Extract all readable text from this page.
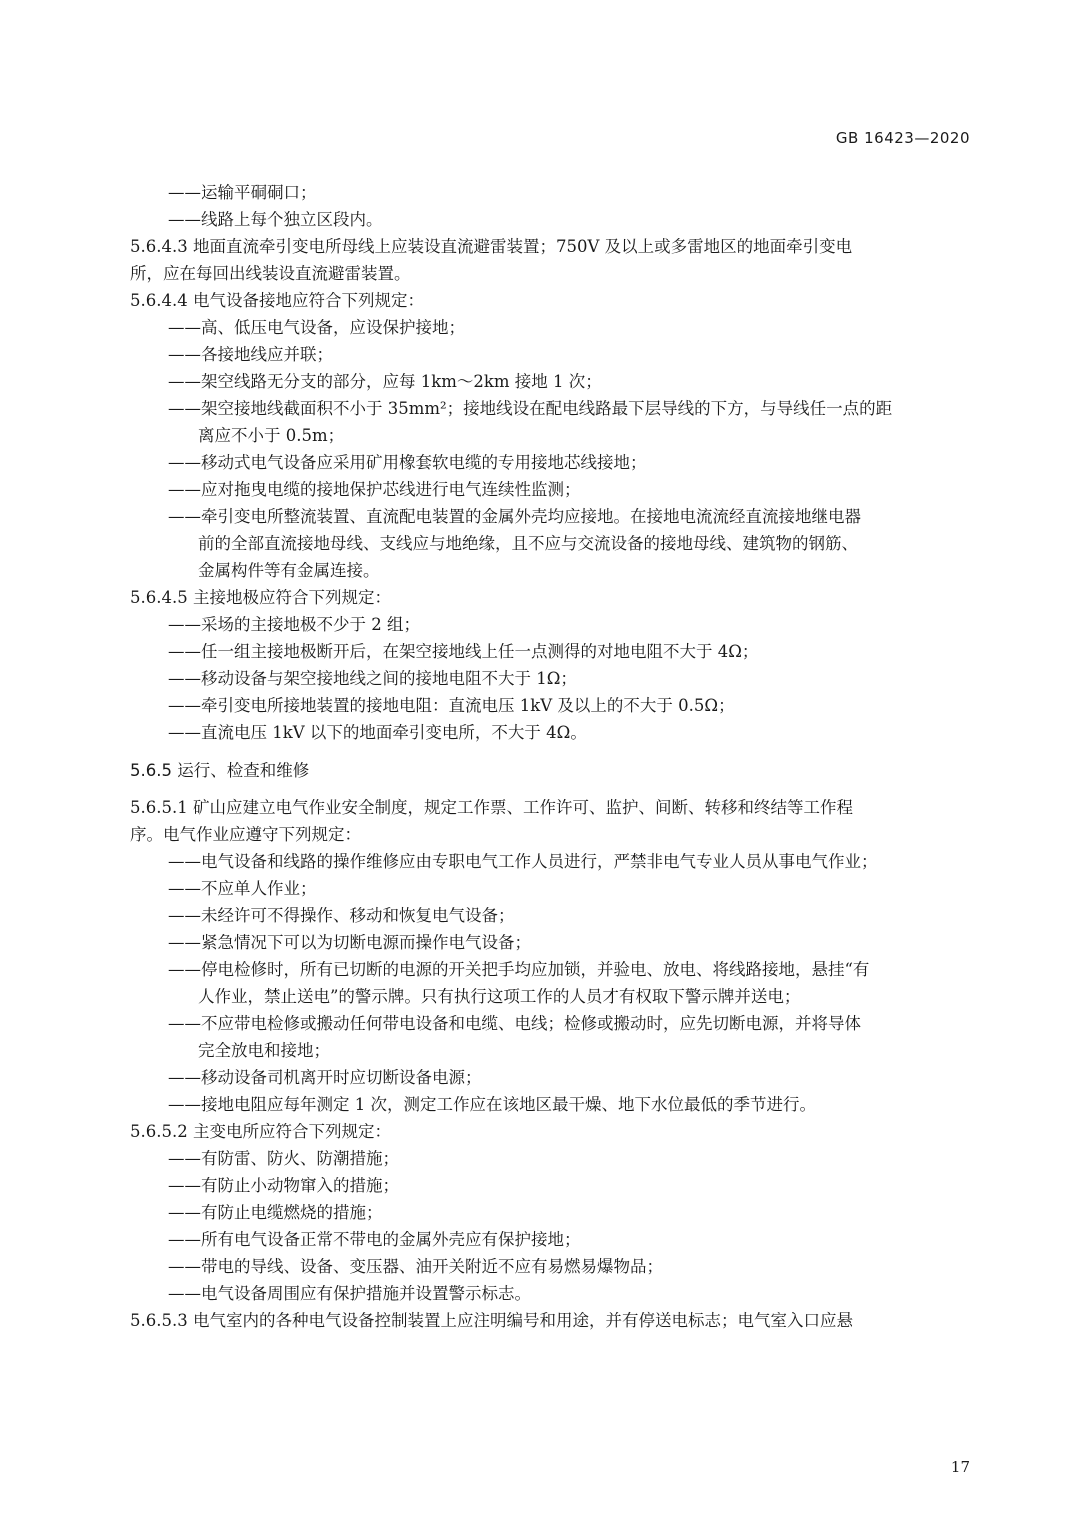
GB 16423—2020
——运输平硐硐口；
——线路上每个独立区段内。
5.6.4.3 地面直流牵引变电所母线上应装设直流避雷装置；750V 及以上或多雷地区的地面牵引变电
所，应在每回出线装设直流避雷装置。
5.6.4.4 电气设备接地应符合下列规定：
——高、低压电气设备，应设保护接地；
——各接地线应并联；
——架空线路无分支的部分，应每 1km～2km 接地 1 次；
——架空接地线截面积不小于 35mm²；接地线设在配电线路最下层导线的下方，与导线任一点的距
离应不小于 0.5m；
——移动式电气设备应采用矿用橡套软电缆的专用接地芯线接地；
——应对拖曳电缆的接地保护芯线进行电气连续性监测；
——牵引变电所整流装置、直流配电装置的金属外壳均应接地。在接地电流流经直流接地继电器
前的全部直流接地母线、支线应与地绝缘，且不应与交流设备的接地母线、建筑物的钢筋、
金属构件等有金属连接。
5.6.4.5 主接地极应符合下列规定：
——采场的主接地极不少于 2 组；
——任一组主接地极断开后，在架空接地线上任一点测得的对地电阻不大于 4Ω；
——移动设备与架空接地线之间的接地电阻不大于 1Ω；
——牵引变电所接地装置的接地电阻：直流电压 1kV 及以上的不大于 0.5Ω；
——直流电压 1kV 以下的地面牵引变电所，不大于 4Ω。
5.6.5 运行、检查和维修
5.6.5.1 矿山应建立电气作业安全制度，规定工作票、工作许可、监护、间断、转移和终结等工作程
序。电气作业应遵守下列规定：
——电气设备和线路的操作维修应由专职电气工作人员进行，严禁非电气专业人员从事电气作业；
——不应单人作业；
——未经许可不得操作、移动和恢复电气设备；
——紧急情况下可以为切断电源而操作电气设备；
——停电检修时，所有已切断的电源的开关把手均应加锁，并验电、放电、将线路接地，悬挂“有
人作业，禁止送电”的警示牌。只有执行这项工作的人员才有权取下警示牌并送电；
——不应带电检修或搬动任何带电设备和电缆、电线；检修或搬动时，应先切断电源，并将导体
完全放电和接地；
——移动设备司机离开时应切断设备电源；
——接地电阻应每年测定 1 次，测定工作应在该地区最干燥、地下水位最低的季节进行。
5.6.5.2 主变电所应符合下列规定：
——有防雷、防火、防潮措施；
——有防止小动物窜入的措施；
——有防止电缆燃烧的措施；
——所有电气设备正常不带电的金属外壳应有保护接地；
——带电的导线、设备、变压器、油开关附近不应有易燃易爆物品；
——电气设备周围应有保护措施并设置警示标志。
5.6.5.3 电气室内的各种电气设备控制装置上应注明编号和用途，并有停送电标志；电气室入口应悬
17
